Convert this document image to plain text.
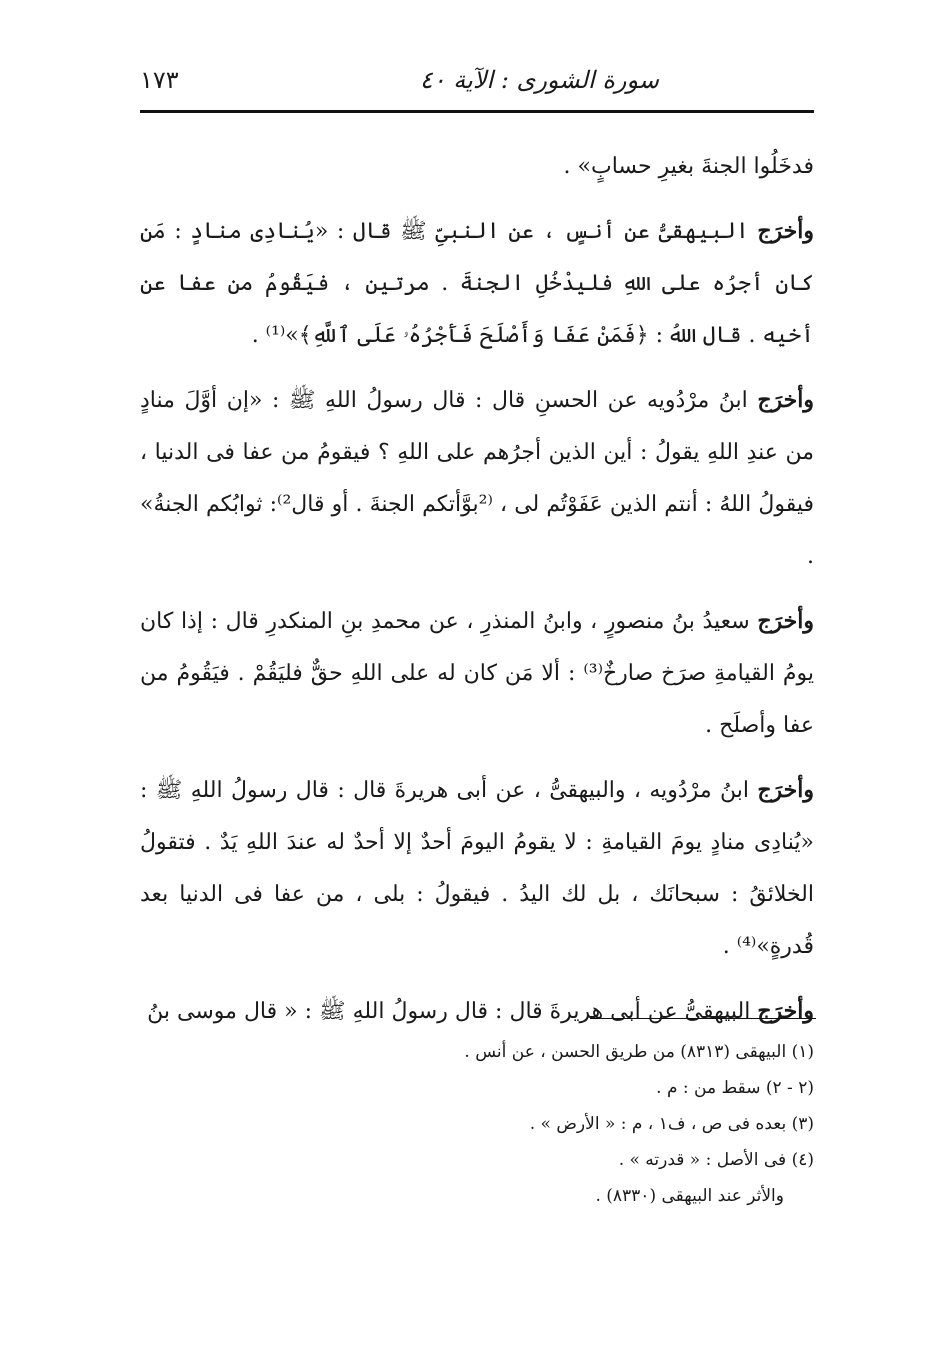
١٧٣	سورة الشورى : الآية ٤٠

فدخَلُوا الجنةَ بغيرِ حسابٍ» .

وأخرَج البيهقىُّ عن أنسٍ ، عن النبىِّ ﷺ قال : «يُنادِى منادٍ : مَن كان أجرُه على اللهِ فليدْخُلِ الجنةَ . مرتين ، فيَقُومُ من عفا عن أخيه . قال اللهُ : ﴿فَمَنْ عَفَا وَأَصْلَحَ فَأَجْرُهُۥ عَلَى ٱللَّهِ﴾»⁽¹⁾ .

وأخرَج ابنُ مرْدُويه عن الحسنِ قال : قال رسولُ اللهِ ﷺ : «إن أوَّلَ منادٍ من عندِ اللهِ يقولُ : أين الذين أجرُهم على اللهِ ؟ فيقومُ من عفا فى الدنيا ، فيقولُ اللهُ : أنتم الذين عَفَوْتُم لى ، ⁽²بوَّأتكم الجنةَ . أو قال²⁾: ثوابُكم الجنةُ» .

وأخرَج سعيدُ بنُ منصورٍ ، وابنُ المنذرِ ، عن محمدِ بنِ المنكدرِ قال : إذا كان يومُ القيامةِ صرَخ صارخٌ⁽³⁾ : ألا مَن كان له على اللهِ حقٌّ فليَقُمْ . فيَقُومُ من عفا وأصلَح .

وأخرَج ابنُ مرْدُويه ، والبيهقىُّ ، عن أبى هريرةَ قال : قال رسولُ اللهِ ﷺ : «يُنادِى منادٍ يومَ القيامةِ : لا يقومُ اليومَ أحدٌ إلا أحدٌ له عندَ اللهِ يَدٌ . فتقولُ الخلائقُ : سبحانَك ، بل لك اليدُ . فيقولُ : بلى ، من عفا فى الدنيا بعد قُدرةٍ»⁽⁴⁾ .

وأخرَج البيهقىُّ عن أبى هريرةَ قال : قال رسولُ اللهِ ﷺ : « قال موسى بنُ

(١) البيهقى (٨٣١٣) من طريق الحسن ، عن أنس .
(٢ - ٢) سقط من : م .
(٣) بعده فى ص ، ف١ ، م : « الأرض » .
(٤) فى الأصل : « قدرته » .
والأثر عند البيهقى (٨٣٣٠) .
